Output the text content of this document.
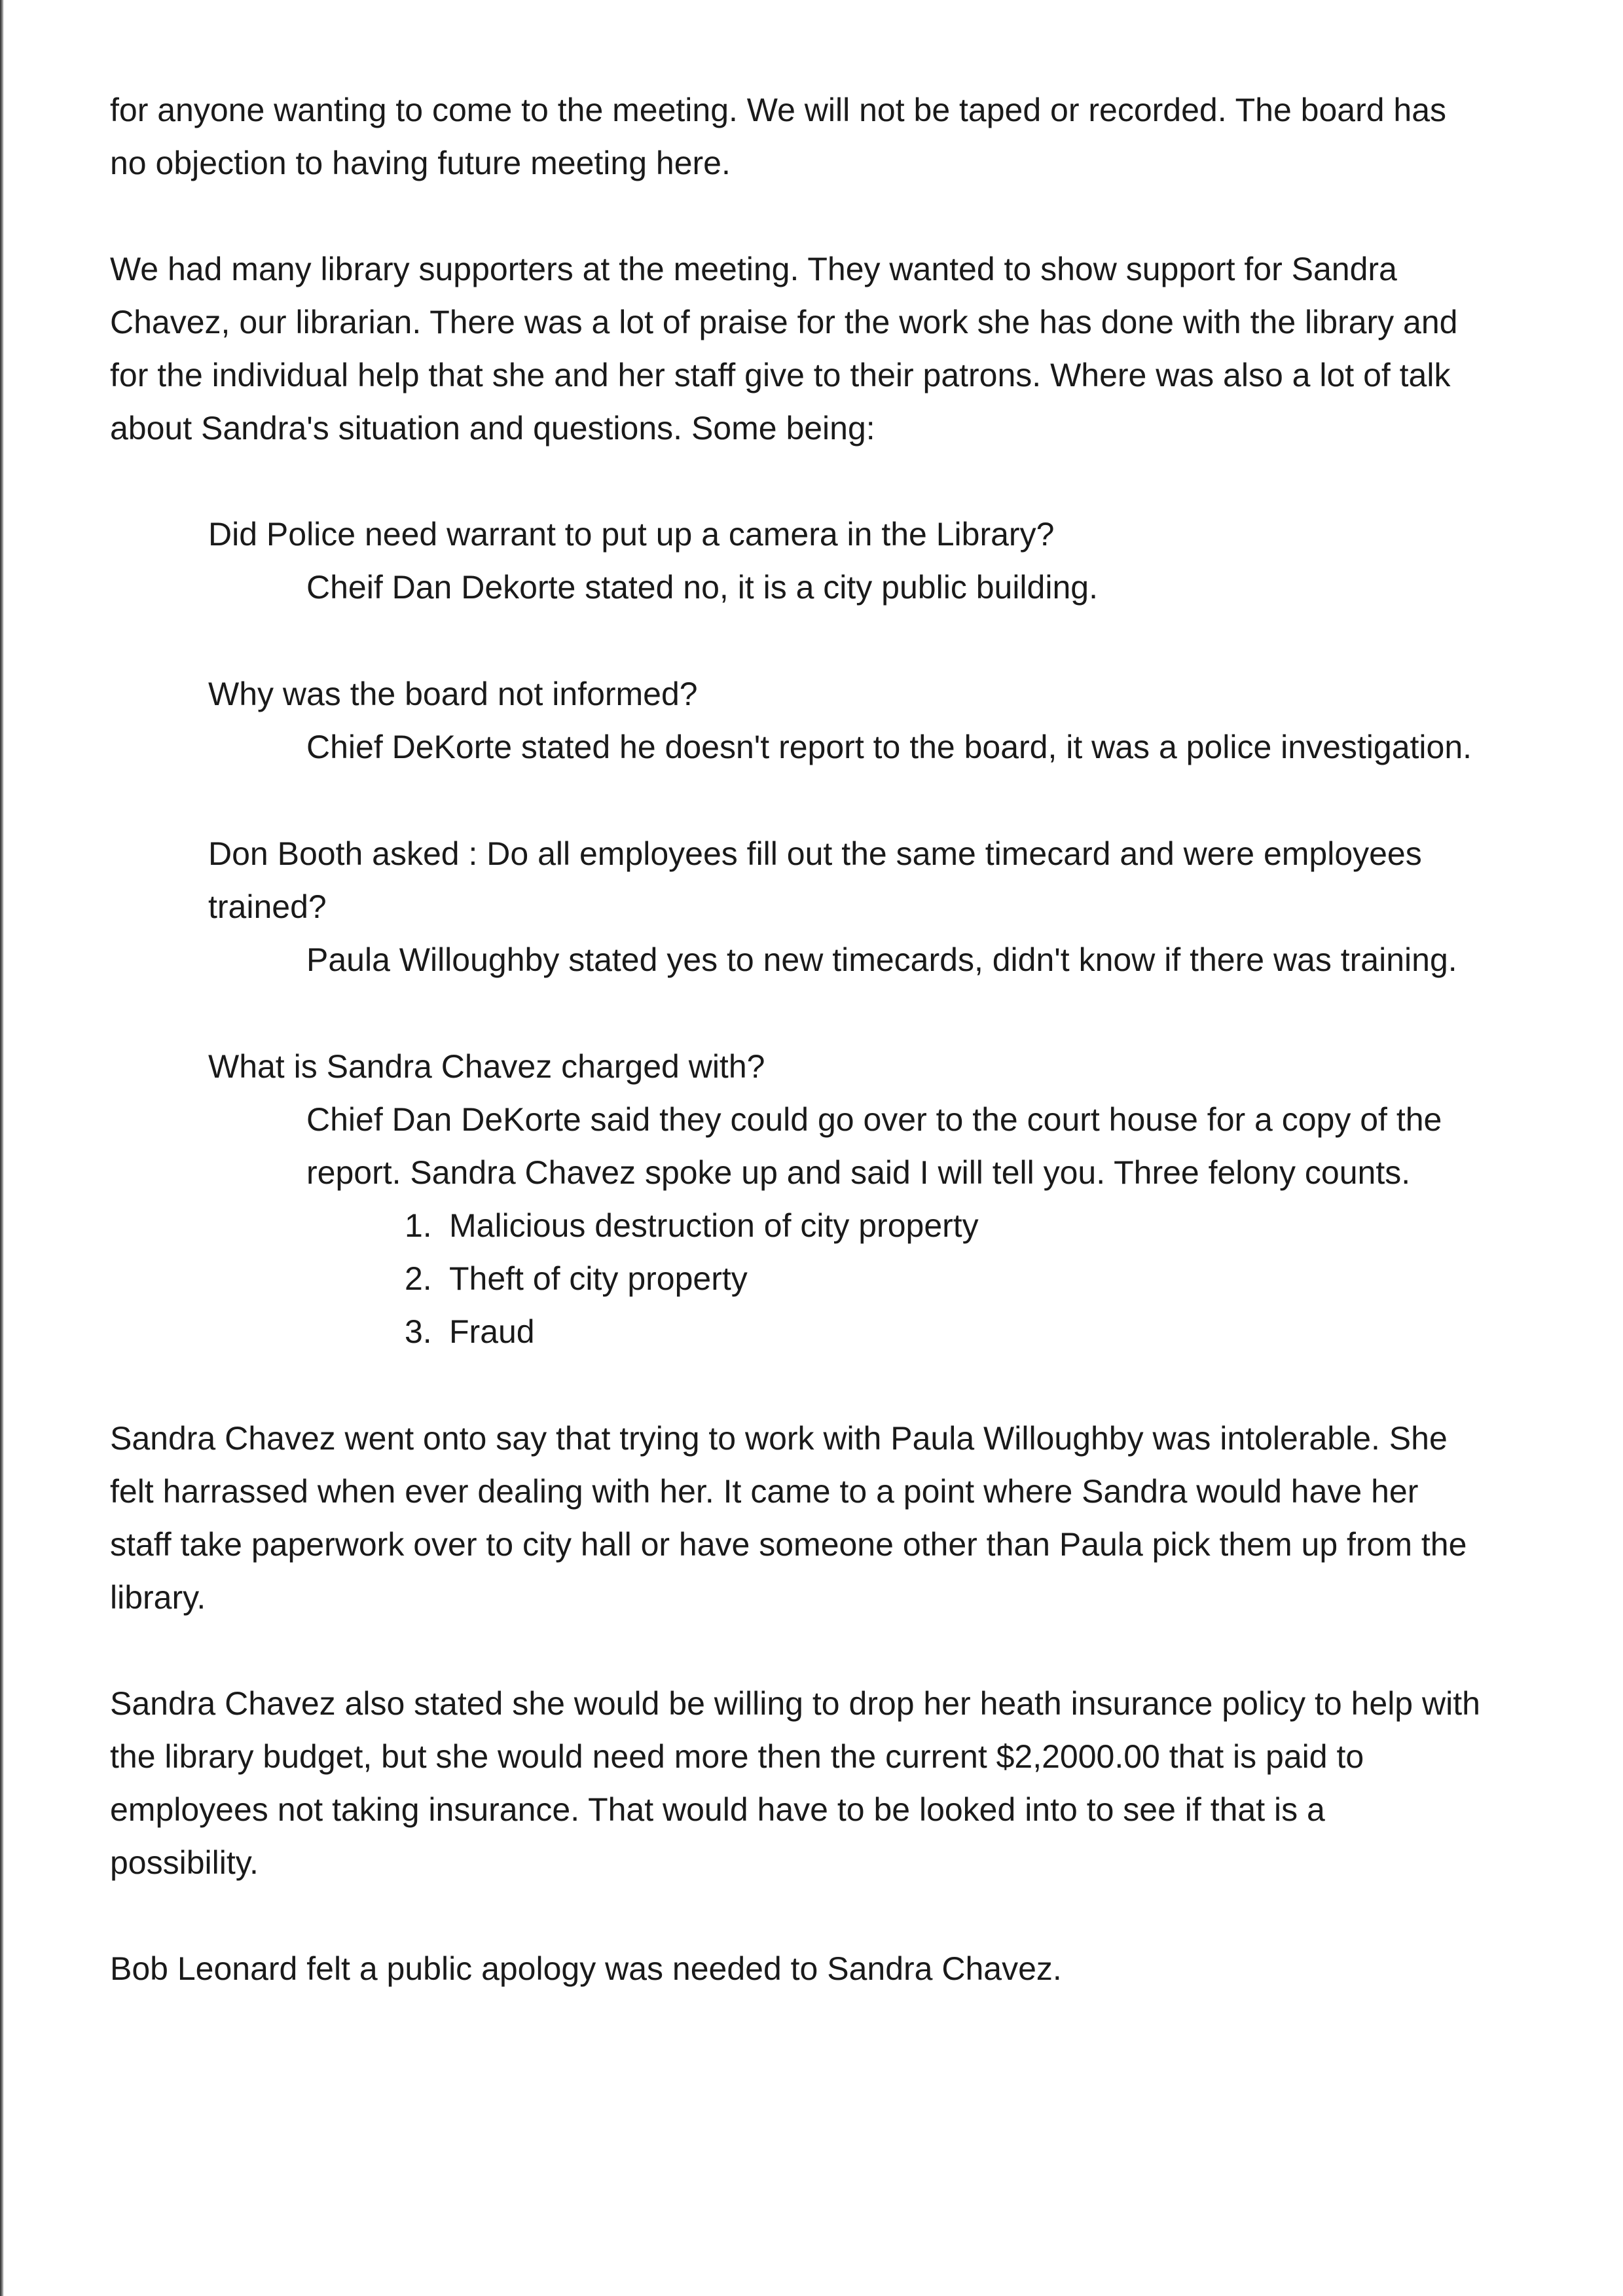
for anyone wanting to come to the meeting. We will not be taped or recorded. The board has
no objection to having future meeting here.

We had many library supporters at the meeting. They wanted to show support for Sandra
Chavez, our librarian. There was a lot of praise for the work she has done with the library and
for the individual help that she and her staff give to their patrons. Where was also a lot of talk
about Sandra's situation and questions. Some being:

Did Police need warrant to put up a camera in the Library?
Cheif Dan Dekorte stated no, it is a city public building.
Why was the board not informed?
Chief DeKorte stated he doesn't report to the board, it was a police investigation.
Don Booth asked : Do all employees fill out the same timecard and were employees
trained?
Paula Willoughby stated yes to new timecards, didn't know if there was training.
What is Sandra Chavez charged with?
Chief Dan DeKorte said they could go over to the court house for a copy of the
report. Sandra Chavez spoke up and said I will tell you. Three felony counts.
1. Malicious destruction of city property
2. Theft of city property
3. Fraud

Sandra Chavez went onto say that trying to work with Paula Willoughby was intolerable. She
felt harrassed when ever dealing with her. It came to a point where Sandra would have her
staff take paperwork over to city hall or have someone other than Paula pick them up from the
library.

Sandra Chavez also stated she would be willing to drop her heath insurance policy to help with
the library budget, but she would need more then the current $2,2000.00 that is paid to
employees not taking insurance. That would have to be looked into to see if that is a
possibility.

Bob Leonard felt a public apology was needed to Sandra Chavez.
